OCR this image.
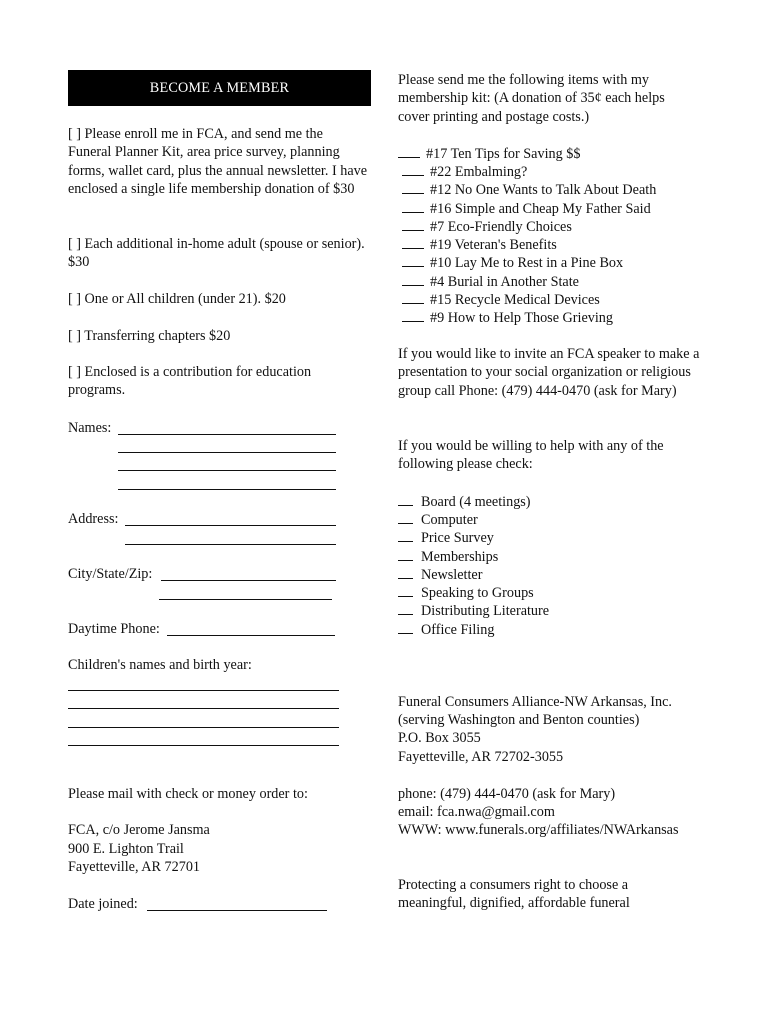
BECOME A MEMBER
[ ] Please enroll me in FCA, and send me the Funeral Planner Kit, area price survey, planning forms, wallet card, plus the annual newsletter. I have enclosed a single life membership donation of $30
[ ] Each additional in-home adult (spouse or senior). $30
[ ] One or All children (under 21). $20
[ ] Transferring chapters $20
[ ] Enclosed is a contribution for education programs.
Names:
Address:
City/State/Zip:
Daytime Phone:
Children's names and birth year:
Please mail with check or money order to:
FCA, c/o Jerome Jansma
900 E. Lighton Trail
Fayetteville, AR 72701
Date joined:
Please send me the following items with my membership kit: (A donation of 35¢ each helps cover printing and postage costs.)
#17 Ten Tips for Saving $$
#22 Embalming?
#12 No One Wants to Talk About Death
#16 Simple and Cheap My Father Said
#7 Eco-Friendly Choices
#19 Veteran's Benefits
#10 Lay Me to Rest in a Pine Box
#4 Burial in Another State
#15 Recycle Medical Devices
#9 How to Help Those Grieving
If you would like to invite an FCA speaker to make a presentation to your social organization or religious group call Phone: (479) 444-0470 (ask for Mary)
If you would be willing to help with any of the following please check:
Board (4 meetings)
Computer
Price Survey
Memberships
Newsletter
Speaking to Groups
Distributing Literature
Office Filing
Funeral Consumers Alliance-NW Arkansas, Inc.
(serving Washington and Benton counties)
P.O. Box 3055
Fayetteville, AR 72702-3055
phone: (479) 444-0470 (ask for Mary)
email: fca.nwa@gmail.com
WWW: www.funerals.org/affiliates/NWArkansas
Protecting a consumers right to choose a meaningful, dignified, affordable funeral
